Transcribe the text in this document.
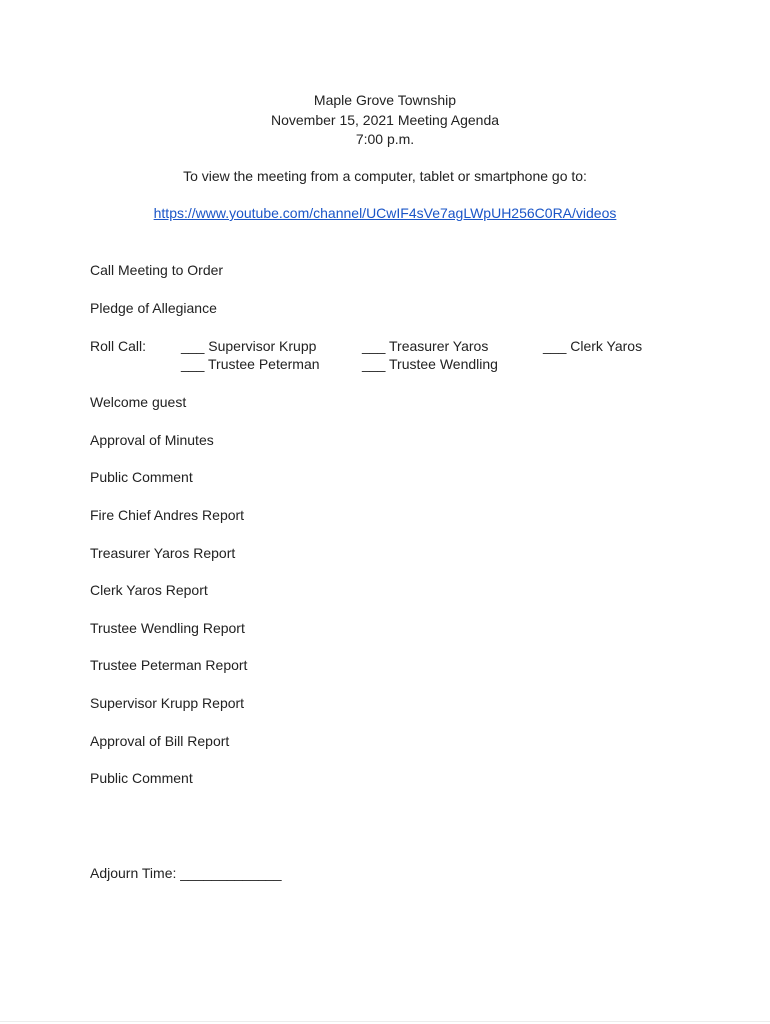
Maple Grove Township
November 15, 2021 Meeting Agenda
7:00 p.m.
To view the meeting from a computer, tablet or smartphone go to:
https://www.youtube.com/channel/UCwIF4sVe7agLWpUH256C0RA/videos
Call Meeting to Order
Pledge of Allegiance
Roll Call: ___ Supervisor Krupp	___ Treasurer Yaros	___ Clerk Yaros
___ Trustee Peterman	___ Trustee Wendling
Welcome guest
Approval of Minutes
Public Comment
Fire Chief Andres Report
Treasurer Yaros Report
Clerk Yaros Report
Trustee Wendling Report
Trustee Peterman Report
Supervisor Krupp Report
Approval of Bill Report
Public Comment
Adjourn Time: _____________
